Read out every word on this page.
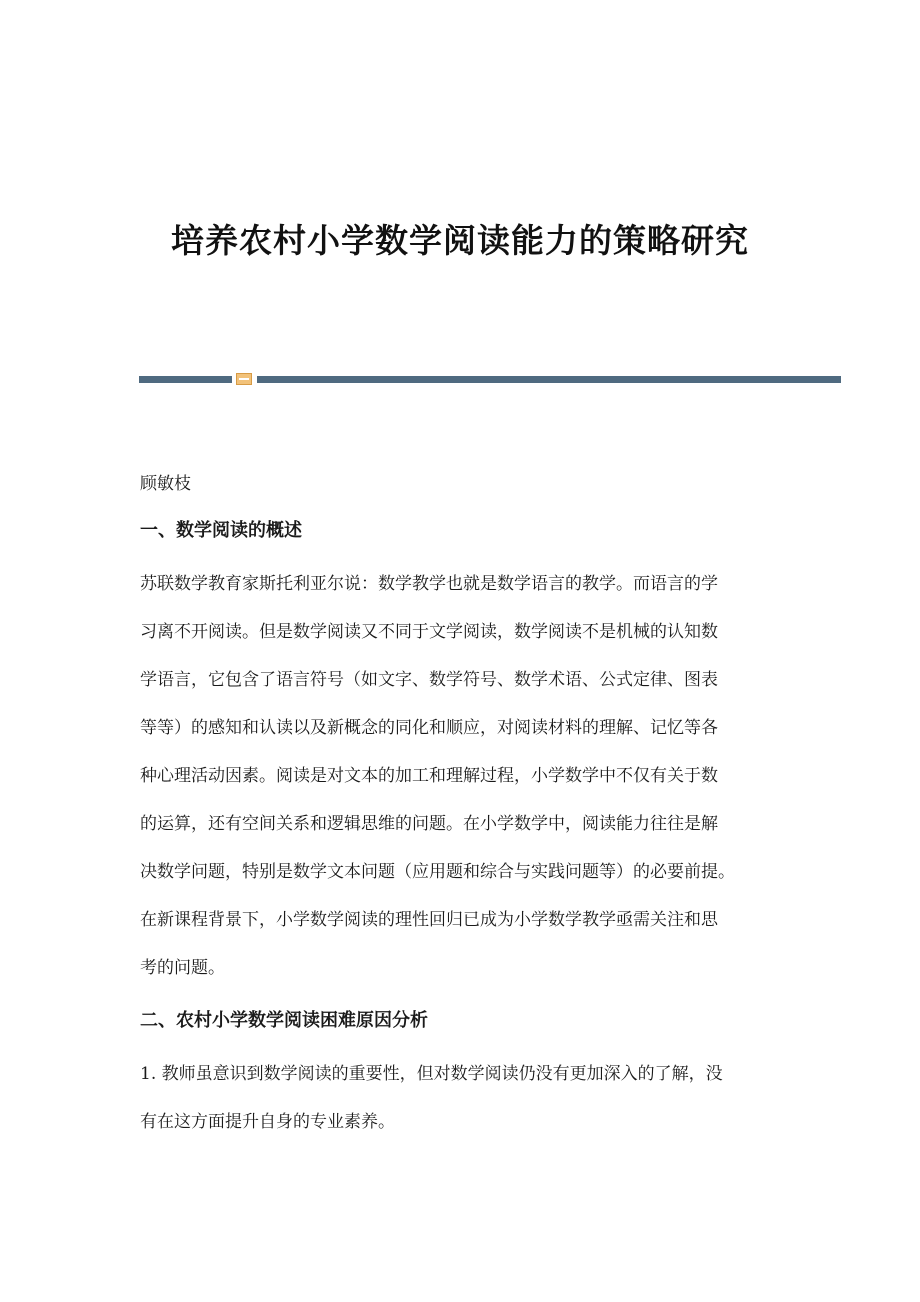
培养农村小学数学阅读能力的策略研究

顾敏枝

一、数学阅读的概述
苏联数学教育家斯托利亚尔说：数学教学也就是数学语言的教学。而语言的学
习离不开阅读。但是数学阅读又不同于文学阅读，数学阅读不是机械的认知数
学语言，它包含了语言符号（如文字、数学符号、数学术语、公式定律、图表
等等）的感知和认读以及新概念的同化和顺应，对阅读材料的理解、记忆等各
种心理活动因素。阅读是对文本的加工和理解过程，小学数学中不仅有关于数
的运算，还有空间关系和逻辑思维的问题。在小学数学中，阅读能力往往是解
决数学问题，特别是数学文本问题（应用题和综合与实践问题等）的必要前提。
在新课程背景下，小学数学阅读的理性回归已成为小学数学教学亟需关注和思
考的问题。
二、农村小学数学阅读困难原因分析
1. 教师虽意识到数学阅读的重要性，但对数学阅读仍没有更加深入的了解，没
有在这方面提升自身的专业素养。
